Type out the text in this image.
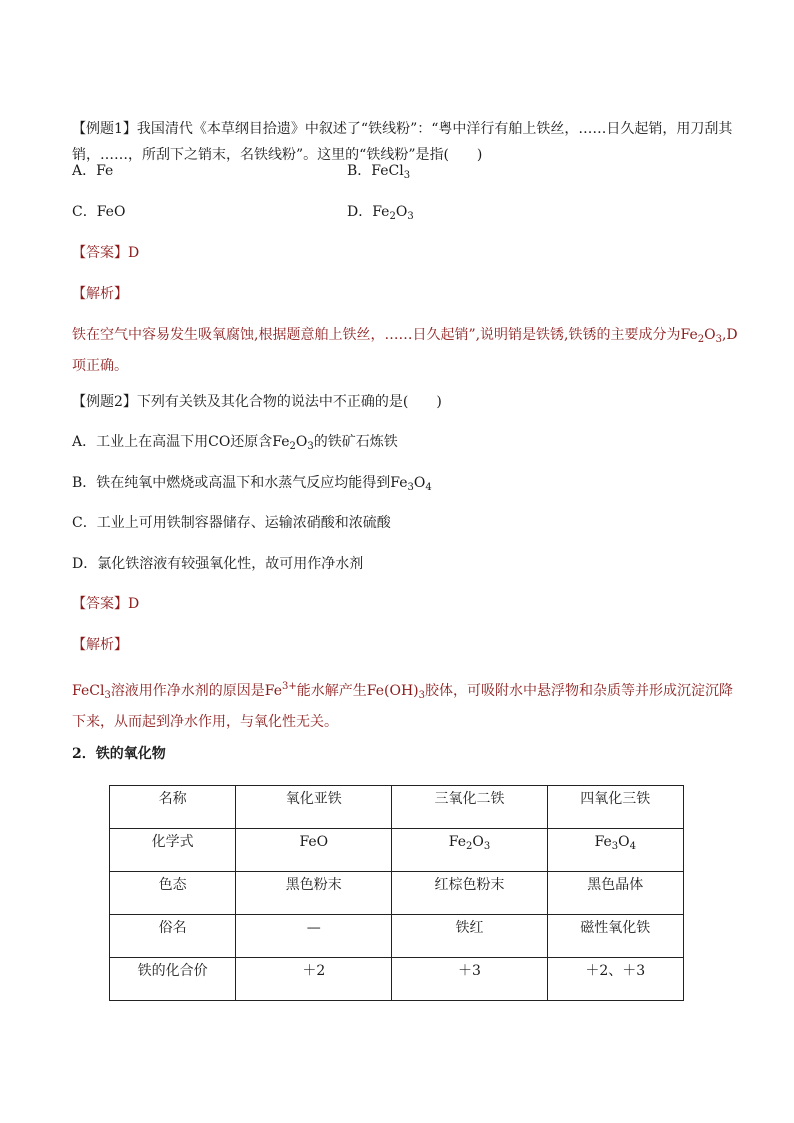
【例题1】我国清代《本草纲目拾遗》中叙述了“铁线粉”：“粤中洋行有舶上铁丝，……日久起销，用刀刮其销，……，所刮下之销末，名铁线粉”。这里的“铁线粉”是指(　　)

A．Fe	B．FeCl$_3$
C．FeO	D．$Fe_2O_3$
【答案】D
【解析】

铁在空气中容易发生吸氧腐蚀,根据题意舶上铁丝，……日久起销”,说明销是铁锈,铁锈的主要成分为$Fe_2O_3,D$项正确。

【例题2】下列有关铁及其化合物的说法中不正确的是(　　)
A．工业上在高温下用CO还原含$Fe_2O_3$的铁矿石炼铁
B．铁在纯氧中燃烧或高温下和水蒸气反应均能得到$Fe_3O_4$
C．工业上可用铁制容器储存、运输浓硝酸和浓硫酸
D．氯化铁溶液有较强氧化性，故可用作净水剂
【答案】D
【解析】

FeCl$_3$溶液用作净水剂的原因是$Fe^{3+}$能水解产生$Fe(OH)_3$胶体，可吸附水中悬浮物和杂质等并形成沉淀沉降下来，从而起到净水作用，与氧化性无关。

2．铁的氧化物
名称	氧化亚铁	三氧化二铁	四氧化三铁
化学式	FeO	$Fe_2O_3$	$Fe_3O_4$
色态	黑色粉末	红棕色粉末	黑色晶体
俗名	—	铁红	磁性氧化铁
铁的化合价	＋2	＋3	＋2、＋3
